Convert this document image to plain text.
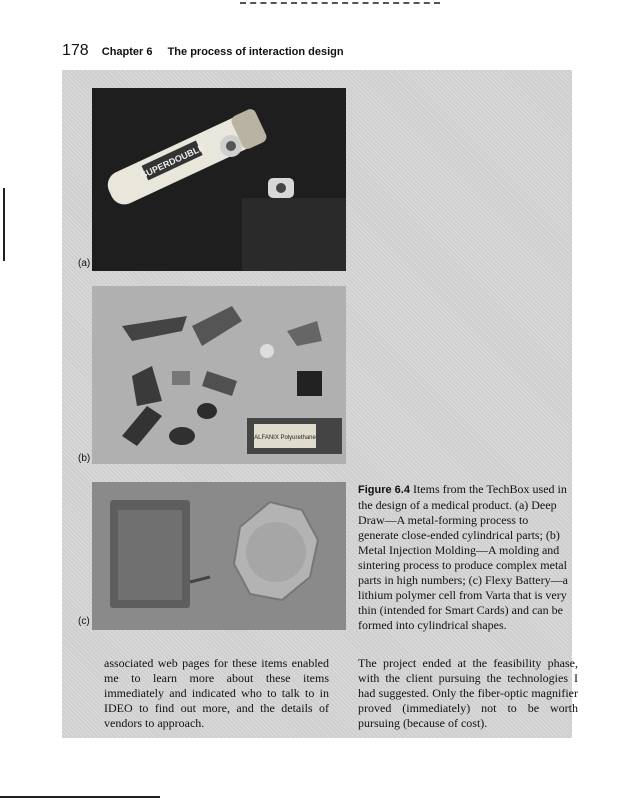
178 Chapter 6 The process of interaction design
SUPERDOUBLE
(a)
ALFANIX Polyurethane
(b)
(c)
Figure 6.4 Items from the TechBox used in the design of a medical product. (a) Deep Draw—A metal-forming process to generate close-ended cylindrical parts; (b) Metal Injection Molding—A molding and sintering process to produce complex metal parts in high numbers; (c) Flexy Battery—a lithium polymer cell from Varta that is very thin (intended for Smart Cards) and can be formed into cylindrical shapes.
associated web pages for these items enabled me to learn more about these items immediately and indicated who to talk to in IDEO to find out more, and the details of vendors to approach.
The project ended at the feasibility phase, with the client pursuing the technologies I had suggested. Only the fiber-optic magnifier proved (immediately) not to be worth pursuing (because of cost).
